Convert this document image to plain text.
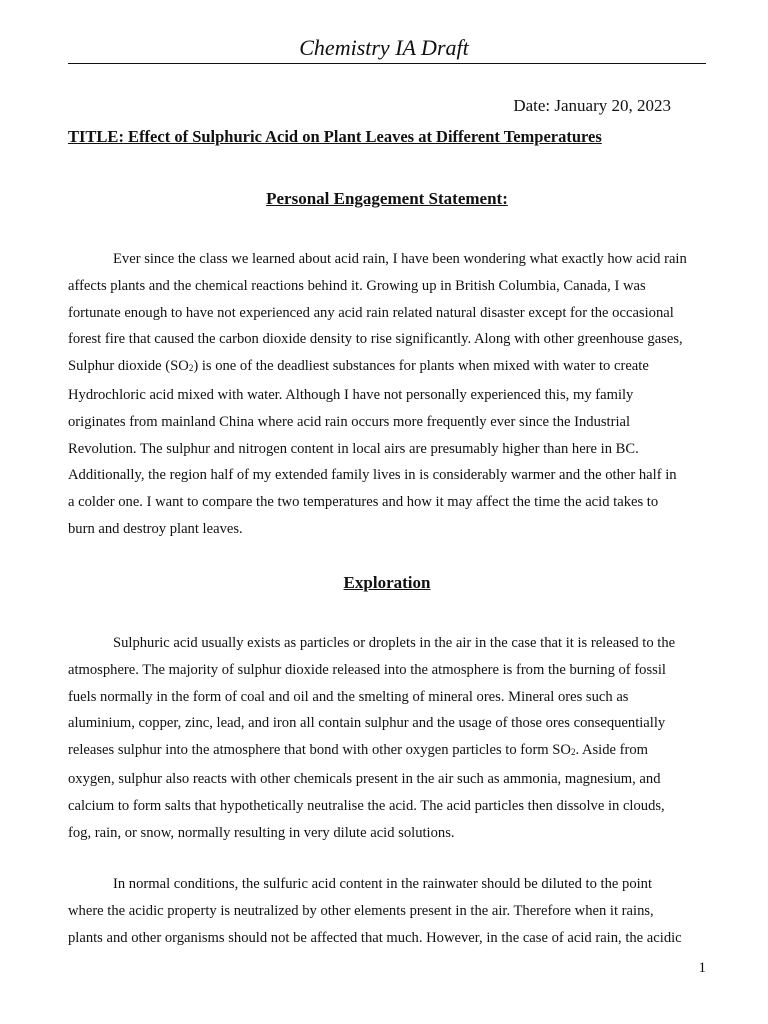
Chemistry IA Draft
Date: January 20, 2023
TITLE: Effect of Sulphuric Acid on Plant Leaves at Different Temperatures
Personal Engagement Statement:
Ever since the class we learned about acid rain, I have been wondering what exactly how acid rain
affects plants and the chemical reactions behind it. Growing up in British Columbia, Canada, I was
fortunate enough to have not experienced any acid rain related natural disaster except for the occasional
forest fire that caused the carbon dioxide density to rise significantly. Along with other greenhouse gases,
Sulphur dioxide $(SO_2)$ is one of the deadliest substances for plants when mixed with water to create
Hydrochloric acid mixed with water. Although I have not personally experienced this, my family
originates from mainland China where acid rain occurs more frequently ever since the Industrial
Revolution. The sulphur and nitrogen content in local airs are presumably higher than here in BC.
Additionally, the region half of my extended family lives in is considerably warmer and the other half in
a colder one. I want to compare the two temperatures and how it may affect the time the acid takes to
burn and destroy plant leaves.
Exploration
Sulphuric acid usually exists as particles or droplets in the air in the case that it is released to the
atmosphere. The majority of sulphur dioxide released into the atmosphere is from the burning of fossil
fuels normally in the form of coal and oil and the smelting of mineral ores. Mineral ores such as
aluminium, copper, zinc, lead, and iron all contain sulphur and the usage of those ores consequentially
releases sulphur into the atmosphere that bond with other oxygen particles to form $SO_2$. Aside from
oxygen, sulphur also reacts with other chemicals present in the air such as ammonia, magnesium, and
calcium to form salts that hypothetically neutralise the acid. The acid particles then dissolve in clouds,
fog, rain, or snow, normally resulting in very dilute acid solutions.
In normal conditions, the sulfuric acid content in the rainwater should be diluted to the point
where the acidic property is neutralized by other elements present in the air. Therefore when it rains,
plants and other organisms should not be affected that much. However, in the case of acid rain, the acidic
1
